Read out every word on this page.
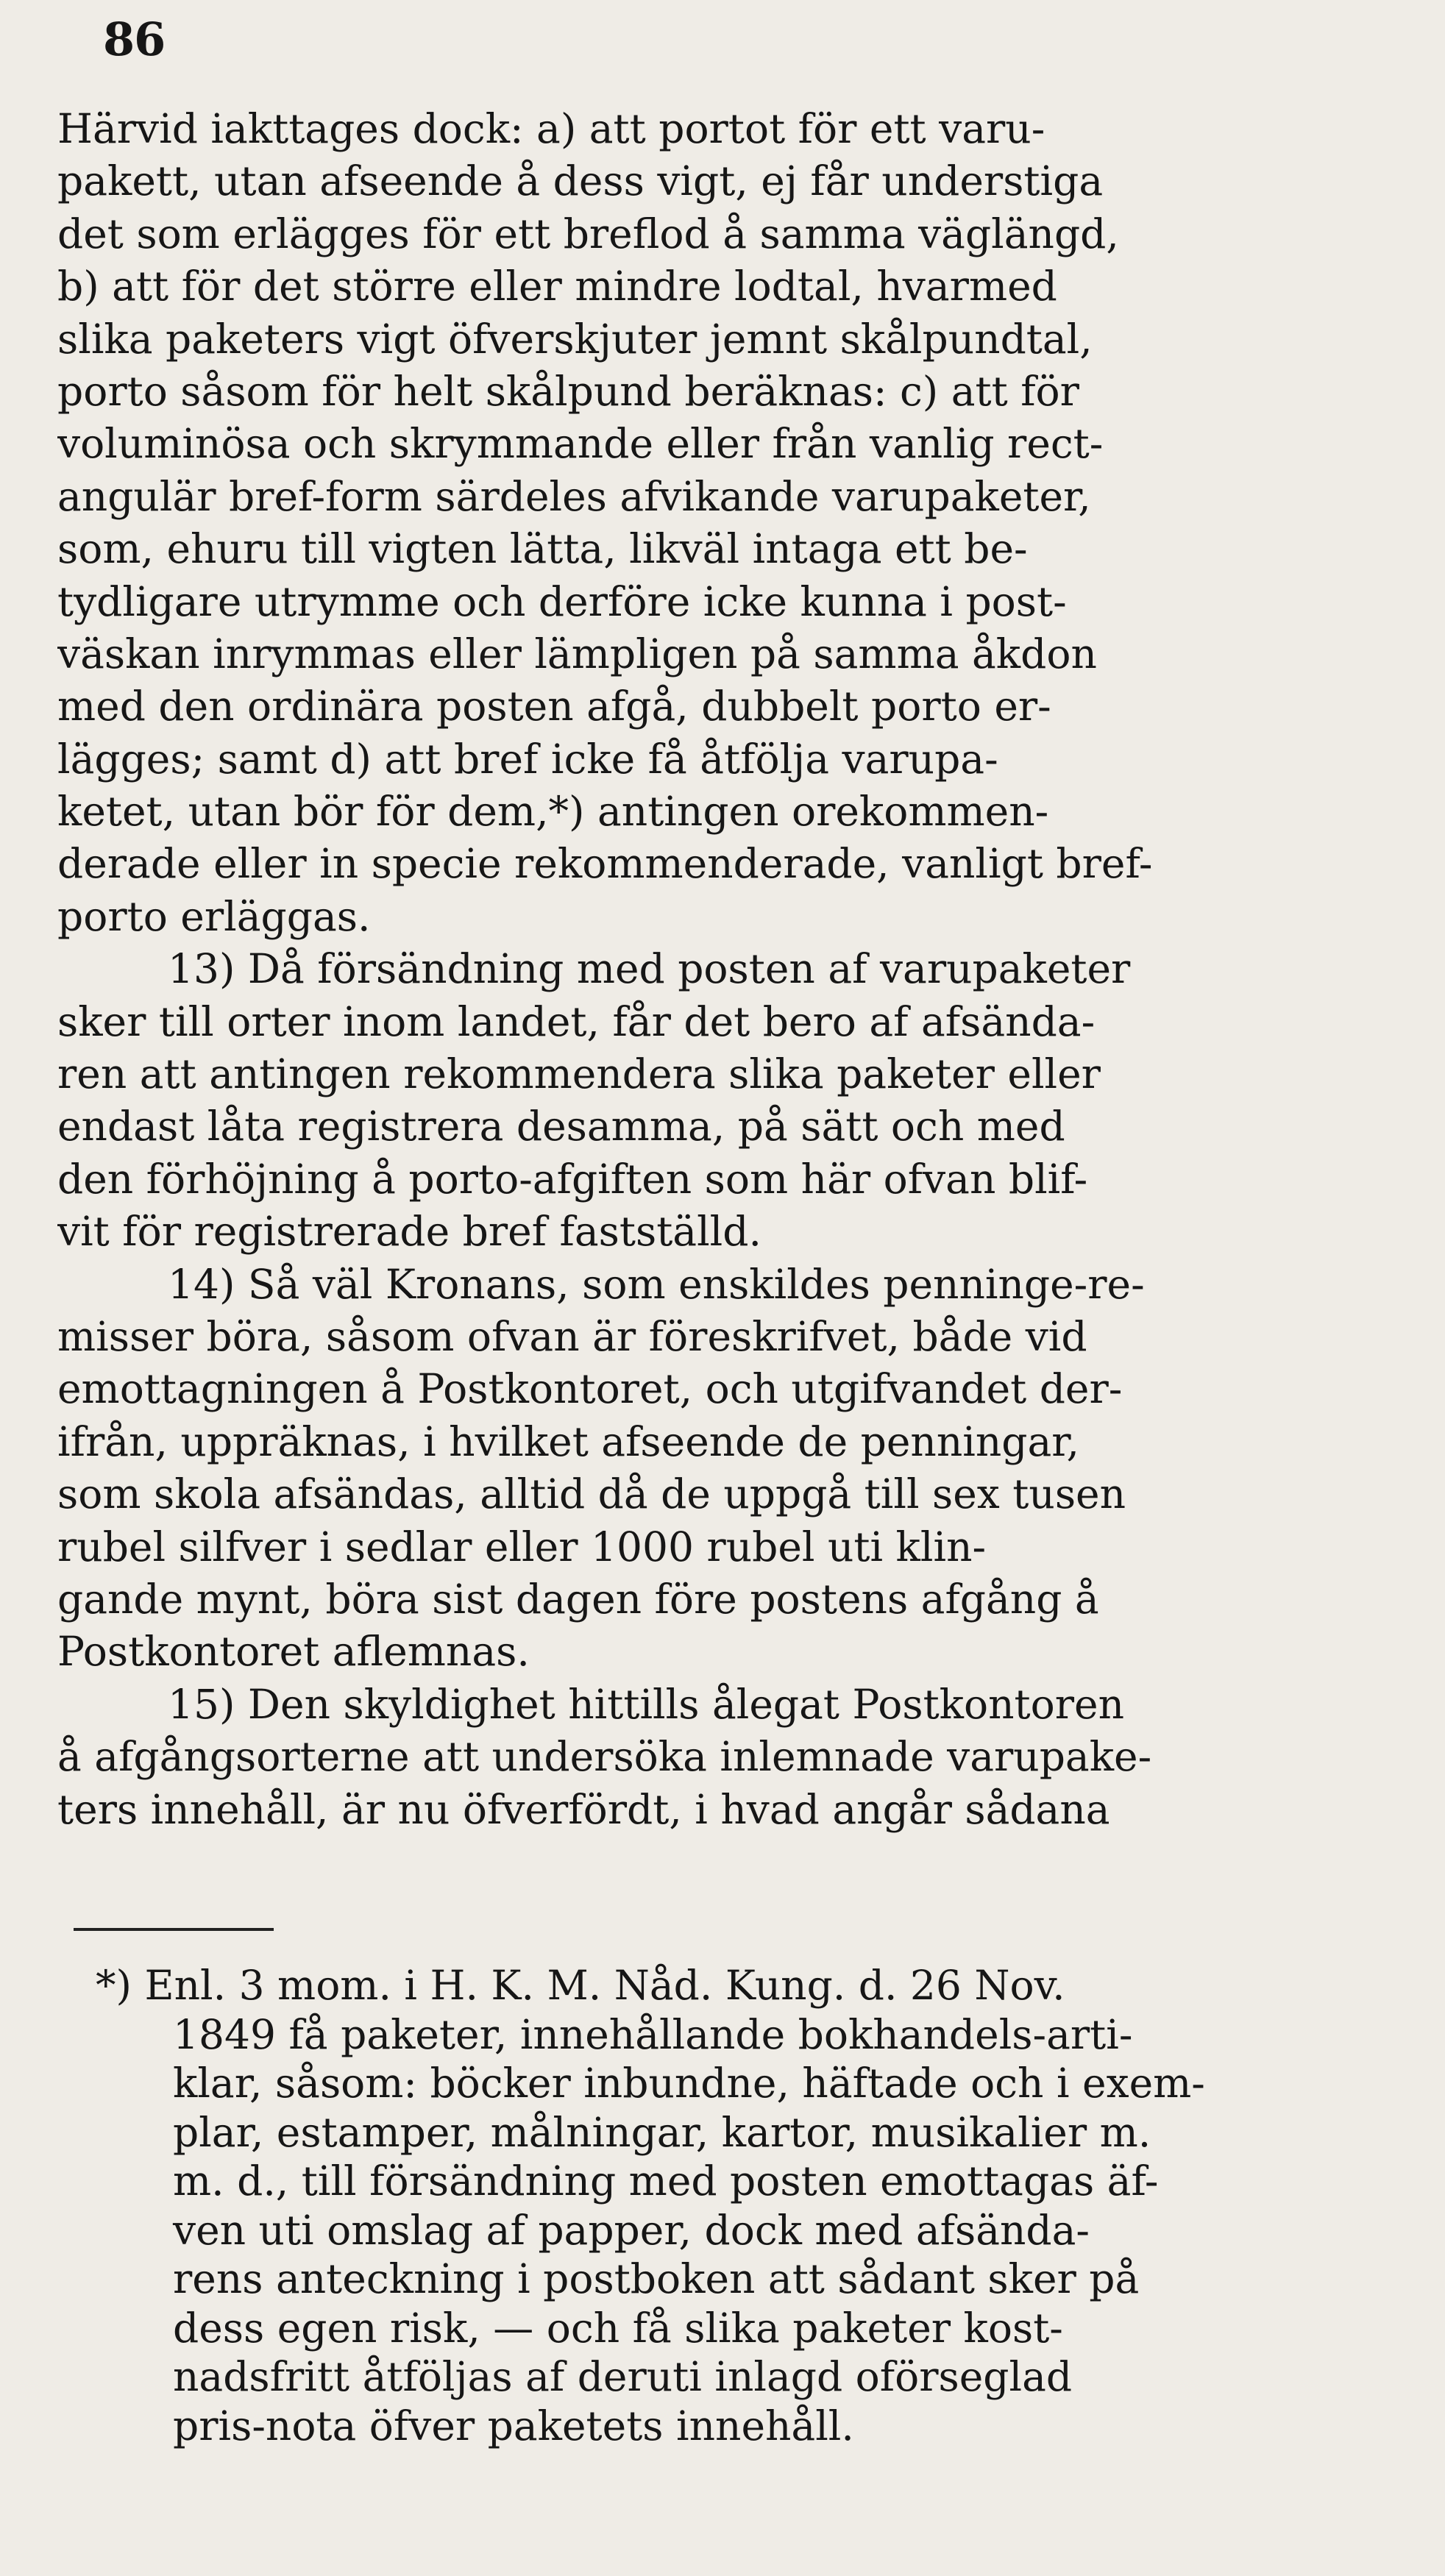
86
Härvid iakttages dock: a) att portot för ett varu-
pakett, utan afseende å dess vigt, ej får understiga
det som erlägges för ett breflod å samma väglängd,
b) att för det större eller mindre lodtal, hvarmed
slika paketers vigt öfverskjuter jemnt skålpundtal,
porto såsom för helt skålpund beräknas: c) att för
voluminösa och skrymmande eller från vanlig rect-
angulär bref-form särdeles afvikande varupaketer,
som, ehuru till vigten lätta, likväl intaga ett be-
tydligare utrymme och derföre icke kunna i post-
väskan inrymmas eller lämpligen på samma åkdon
med den ordinära posten afgå, dubbelt porto er-
lägges; samt d) att bref icke få åtfölja varupa-
ketet, utan bör för dem,*) antingen orekommen-
derade eller in specie rekommenderade, vanligt bref-
porto erläggas.
13) Då försändning med posten af varupaketer
sker till orter inom landet, får det bero af afsända-
ren att antingen rekommendera slika paketer eller
endast låta registrera desamma, på sätt och med
den förhöjning å porto-afgiften som här ofvan blif-
vit för registrerade bref fastställd.
14) Så väl Kronans, som enskildes penninge-re-
misser böra, såsom ofvan är föreskrifvet, både vid
emottagningen å Postkontoret, och utgifvandet der-
ifrån, uppräknas, i hvilket afseende de penningar,
som skola afsändas, alltid då de uppgå till sex tusen
rubel silfver i sedlar eller 1000 rubel uti klin-
gande mynt, böra sist dagen före postens afgång å
Postkontoret aflemnas.
15) Den skyldighet hittills ålegat Postkontoren
å afgångsorterne att undersöka inlemnade varupake-
ters innehåll, är nu öfverfördt, i hvad angår sådana
*) Enl. 3 mom. i H. K. M. Nåd. Kung. d. 26 Nov.
1849 få paketer, innehållande bokhandels-arti-
klar, såsom: böcker inbundne, häftade och i exem-
plar, estamper, målningar, kartor, musikalier m.
m. d., till försändning med posten emottagas äf-
ven uti omslag af papper, dock med afsända-
rens anteckning i postboken att sådant sker på
dess egen risk, — och få slika paketer kost-
nadsfritt åtföljas af deruti inlagd oförseglad
pris-nota öfver paketets innehåll.
